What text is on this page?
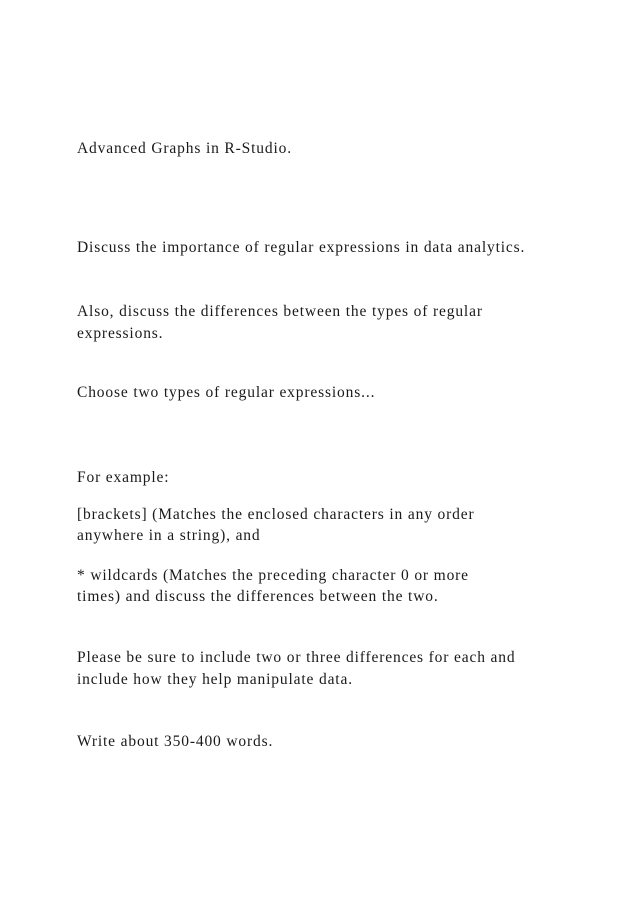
Advanced Graphs in R-Studio.

Discuss the importance of regular expressions in data analytics.

Also, discuss the differences between the types of regular

expressions.

Choose two types of regular expressions...

For example:

[brackets] (Matches the enclosed characters in any order

anywhere in a string), and

* wildcards (Matches the preceding character 0 or more

times) and discuss the differences between the two.

Please be sure to include two or three differences for each and

include how they help manipulate data.

Write about 350-400 words.
